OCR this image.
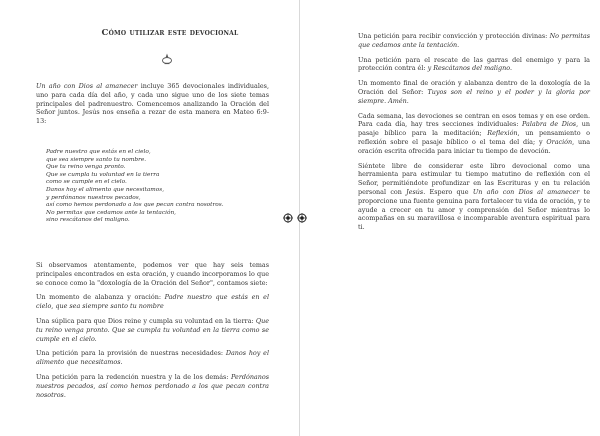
Cómo utilizar este devocional

Un año con Dios al amanecer incluye 365 devocionales individuales, uno para cada día del año, y cada uno sigue uno de los siete temas principales del padrenuestro. Comencemos analizando la Oración del Señor juntos. Jesús nos enseña a rezar de esta manera en Mateo 6:9-13:

Padre nuestro que estás en el cielo,
que sea siempre santo tu nombre.
Que tu reino venga pronto.
Que se cumpla tu voluntad en la tierra
como se cumple en el cielo.
Danos hoy el alimento que necesitamos,
y perdónanos nuestros pecados,
así como hemos perdonado a los que pecan contra nosotros.
No permitas que cedamos ante la tentación,
sino rescátanos del maligno.

Si observamos atentamente, podemos ver que hay seis temas principales encontrados en esta oración, y cuando incorporamos lo que se conoce como la "doxología de la Oración del Señor", contamos siete:

Un momento de alabanza y oración: Padre nuestro que estás en el cielo, que sea siempre santo tu nombre

Una súplica para que Dios reine y cumpla su voluntad en la tierra: Que tu reino venga pronto. Que se cumpla tu voluntad en la tierra como se cumple en el cielo.

Una petición para la provisión de nuestras necesidades: Danos hoy el alimento que necesitamos.

Una petición para la redención nuestra y la de los demás: Perdónanos nuestros pecados, así como hemos perdonado a los que pecan contra nosotros.

Una petición para recibir convicción y protección divinas: No permitas que cedamos ante la tentación.

Una petición para el rescate de las garras del enemigo y para la protección contra él: y Rescátanos del maligno.

Un momento final de oración y alabanza dentro de la doxología de la Oración del Señor: Tuyos son el reino y el poder y la gloria por siempre. Amén.

Cada semana, las devociones se centran en esos temas y en ese orden. Para cada día, hay tres secciones individuales: Palabra de Dios, un pasaje bíblico para la meditación; Reflexión, un pensamiento o reflexión sobre el pasaje bíblico o el tema del día; y Oración, una oración escrita ofrecida para iniciar tu tiempo de devoción.

Siéntete libre de considerar este libro devocional como una herramienta para estimular tu tiempo matutino de reflexión con el Señor, permitiéndote profundizar en las Escrituras y en tu relación personal con Jesús. Espero que Un año con Dios al amanecer te proporcione una fuente genuina para fortalecer tu vida de oración, y te ayude a crecer en tu amor y comprensión del Señor mientras lo acompañas en su maravillosa e incomparable aventura espiritual para ti.
